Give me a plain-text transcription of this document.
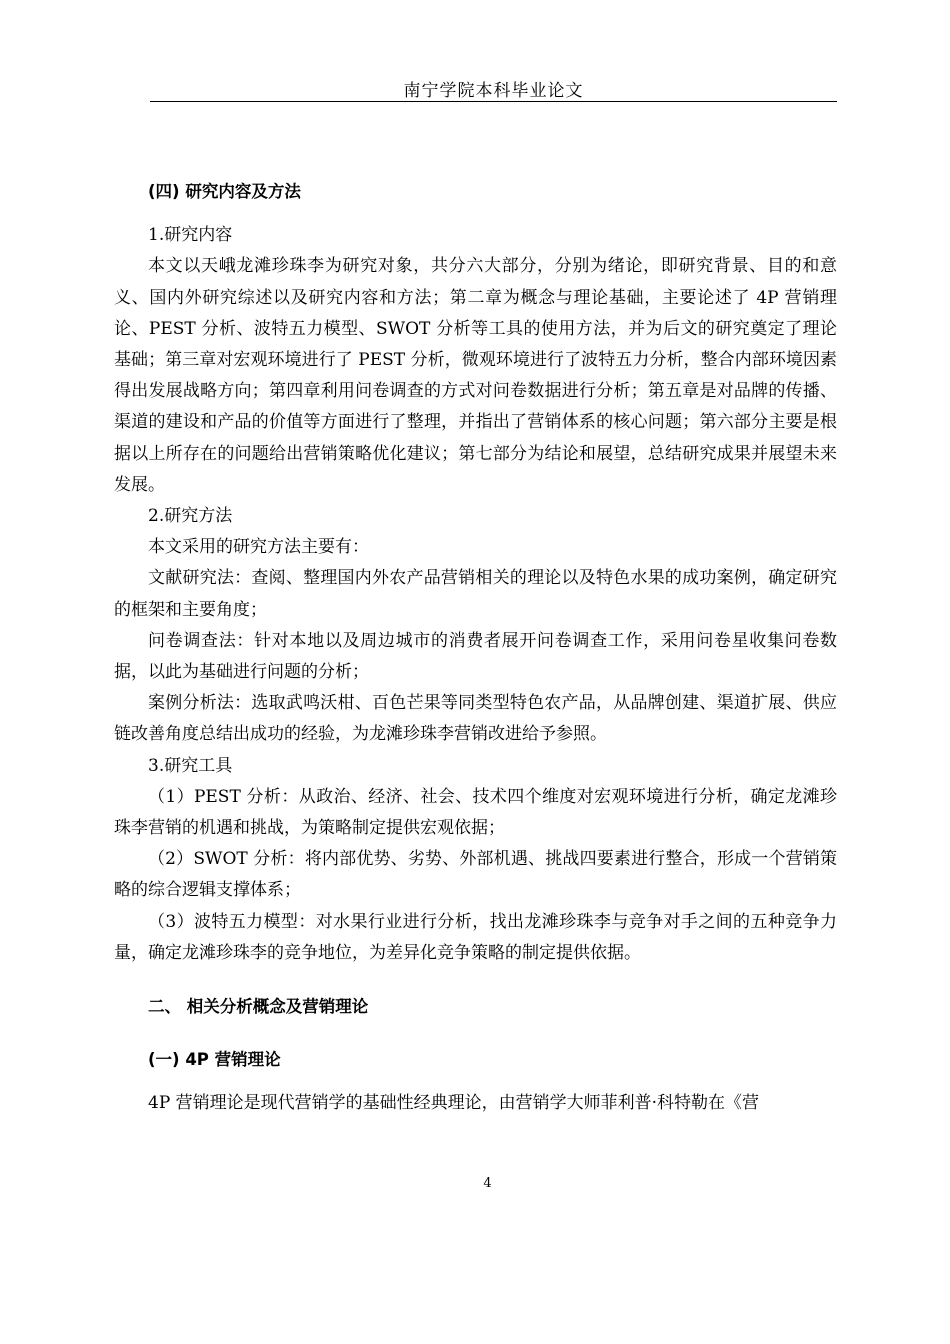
南宁学院本科毕业论文

(四) 研究内容及方法

1.研究内容

本文以天峨龙滩珍珠李为研究对象，共分六大部分，分别为绪论，即研究背景、目的和意义、国内外研究综述以及研究内容和方法；第二章为概念与理论基础，主要论述了 4P 营销理论、PEST 分析、波特五力模型、SWOT 分析等工具的使用方法，并为后文的研究奠定了理论基础；第三章对宏观环境进行了 PEST 分析，微观环境进行了波特五力分析，整合内部环境因素得出发展战略方向；第四章利用问卷调查的方式对问卷数据进行分析；第五章是对品牌的传播、渠道的建设和产品的价值等方面进行了整理，并指出了营销体系的核心问题；第六部分主要是根据以上所存在的问题给出营销策略优化建议；第七部分为结论和展望，总结研究成果并展望未来发展。

2.研究方法

本文采用的研究方法主要有：

文献研究法：查阅、整理国内外农产品营销相关的理论以及特色水果的成功案例，确定研究的框架和主要角度；

问卷调查法：针对本地以及周边城市的消费者展开问卷调查工作，采用问卷星收集问卷数据，以此为基础进行问题的分析；

案例分析法：选取武鸣沃柑、百色芒果等同类型特色农产品，从品牌创建、渠道扩展、供应链改善角度总结出成功的经验，为龙滩珍珠李营销改进给予参照。

3.研究工具

（1）PEST 分析：从政治、经济、社会、技术四个维度对宏观环境进行分析，确定龙滩珍珠李营销的机遇和挑战，为策略制定提供宏观依据；

（2）SWOT 分析：将内部优势、劣势、外部机遇、挑战四要素进行整合，形成一个营销策略的综合逻辑支撑体系；

（3）波特五力模型：对水果行业进行分析，找出龙滩珍珠李与竞争对手之间的五种竞争力量，确定龙滩珍珠李的竞争地位，为差异化竞争策略的制定提供依据。

二、 相关分析概念及营销理论

(一) 4P 营销理论

4P 营销理论是现代营销学的基础性经典理论，由营销学大师菲利普·科特勒在《营

4
